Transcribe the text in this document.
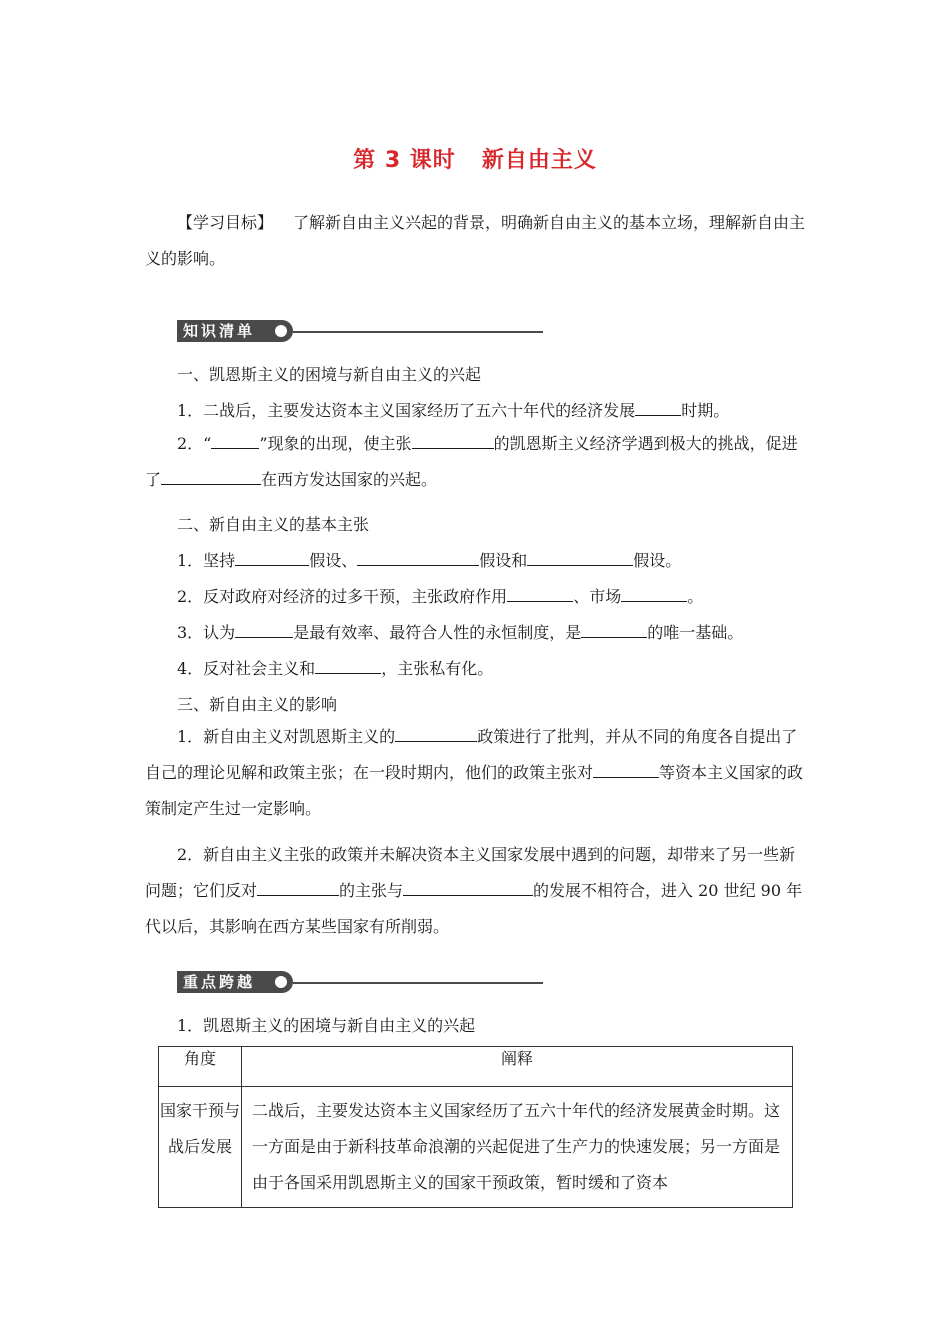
第 3 课时 新自由主义
【学习目标】 了解新自由主义兴起的背景，明确新自由主义的基本立场，理解新自由主义的影响。
知识清单
一、凯恩斯主义的困境与新自由主义的兴起
1．二战后，主要发达资本主义国家经历了五六十年代的经济发展	时期。
2．“	”现象的出现，使主张	的凯恩斯主义经济学遇到极大的挑战，促进了	在西方发达国家的兴起。
二、新自由主义的基本主张
1．坚持	假设、	假设和	假设。
2．反对政府对经济的过多干预，主张政府作用	、市场	。
3．认为	是最有效率、最符合人性的永恒制度，是	的唯一基础。
4．反对社会主义和	，主张私有化。
三、新自由主义的影响
1．新自由主义对凯恩斯主义的	政策进行了批判，并从不同的角度各自提出了自己的理论见解和政策主张；在一段时期内，他们的政策主张对	等资本主义国家的政策制定产生过一定影响。
2．新自由主义主张的政策并未解决资本主义国家发展中遇到的问题，却带来了另一些新问题；它们反对	的主张与	的发展不相符合，进入 20 世纪 90 年代以后，其影响在西方某些国家有所削弱。
重点跨越
1．凯恩斯主义的困境与新自由主义的兴起
角度	阐释
国家干预与战后发展	二战后，主要发达资本主义国家经历了五六十年代的经济发展黄金时期。这一方面是由于新科技革命浪潮的兴起促进了生产力的快速发展；另一方面是由于各国采用凯恩斯主义的国家干预政策，暂时缓和了资本
